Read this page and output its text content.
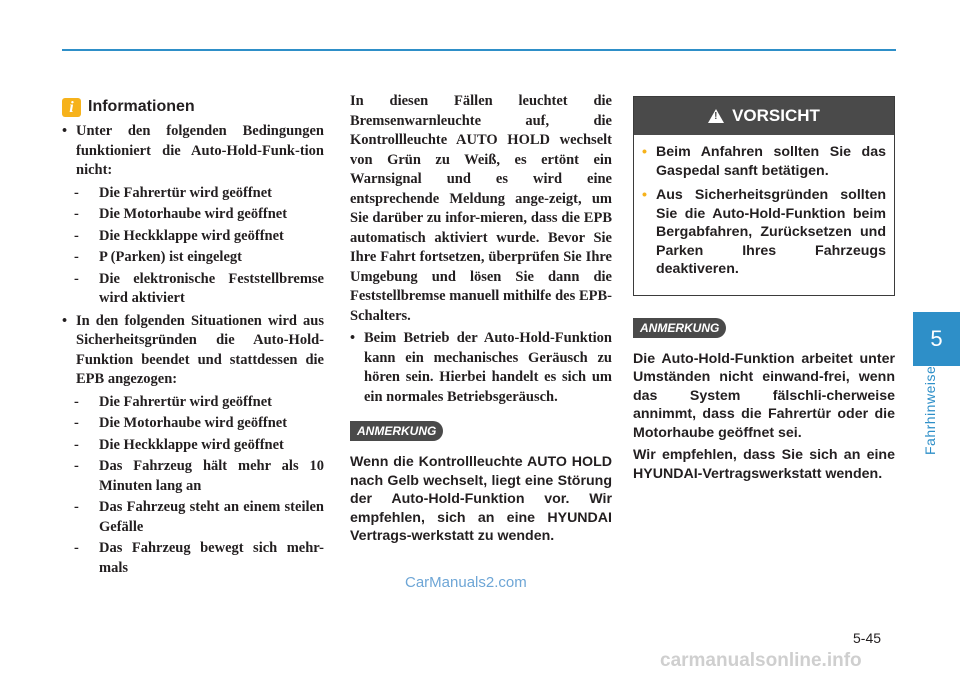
5
Fahrhinweise
i Informationen
• Unter den folgenden Bedingungen funktioniert die Auto-Hold-Funk-tion nicht:
- Die Fahrertür wird geöffnet
- Die Motorhaube wird geöffnet
- Die Heckklappe wird geöffnet
- P (Parken) ist eingelegt
- Die elektronische Feststellbremse wird aktiviert
• In den folgenden Situationen wird aus Sicherheitsgründen die Auto-Hold-Funktion beendet und stattdessen die EPB angezogen:
- Die Fahrertür wird geöffnet
- Die Motorhaube wird geöffnet
- Die Heckklappe wird geöffnet
- Das Fahrzeug hält mehr als 10 Minuten lang an
- Das Fahrzeug steht an einem steilen Gefälle
- Das Fahrzeug bewegt sich mehr-mals
In diesen Fällen leuchtet die Bremsenwarnleuchte auf, die Kontrollleuchte AUTO HOLD wechselt von Grün zu Weiß, es ertönt ein Warnsignal und es wird eine entsprechende Meldung ange-zeigt, um Sie darüber zu infor-mieren, dass die EPB automatisch aktiviert wurde. Bevor Sie Ihre Fahrt fortsetzen, überprüfen Sie Ihre Umgebung und lösen Sie dann die Feststellbremse manuell mithilfe des EPB-Schalters.
• Beim Betrieb der Auto-Hold-Funktion kann ein mechanisches Geräusch zu hören sein. Hierbei handelt es sich um ein normales Betriebsgeräusch.
ANMERKUNG
Wenn die Kontrollleuchte AUTO HOLD nach Gelb wechselt, liegt eine Störung der Auto-Hold-Funktion vor. Wir empfehlen, sich an eine HYUNDAI Vertrags-werkstatt zu wenden.
!
VORSICHT
• Beim Anfahren sollten Sie das Gaspedal sanft betätigen.
• Aus Sicherheitsgründen sollten Sie die Auto-Hold-Funktion beim Bergabfahren, Zurücksetzen und Parken Ihres Fahrzeugs deaktiveren.
ANMERKUNG
Die Auto-Hold-Funktion arbeitet unter Umständen nicht einwand-frei, wenn das System fälschli-cherweise annimmt, dass die Fahrertür oder die Motorhaube geöffnet sei.
Wir empfehlen, dass Sie sich an eine HYUNDAI-Vertragswerkstatt wenden.
5-45
CarManuals2.com
carmanualsonline.info
